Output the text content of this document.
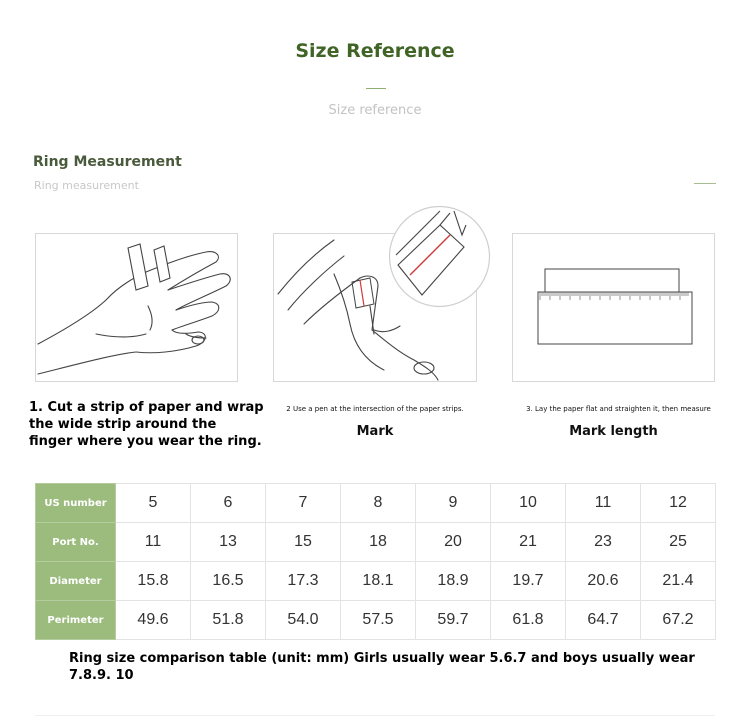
Size Reference
Size reference
Ring Measurement
Ring measurement
1. Cut a strip of paper and wrap the wide strip around the finger where you wear the ring.
2 Use a pen at the intersection of the paper strips.
Mark
3. Lay the paper flat and straighten it, then measure
Mark length
US number	5	6	7	8	9	10	11	12
Port No.	11	13	15	18	20	21	23	25
Diameter	15.8	16.5	17.3	18.1	18.9	19.7	20.6	21.4
Perimeter	49.6	51.8	54.0	57.5	59.7	61.8	64.7	67.2
Ring size comparison table (unit: mm) Girls usually wear 5.6.7 and boys usually wear 7.8.9. 10
